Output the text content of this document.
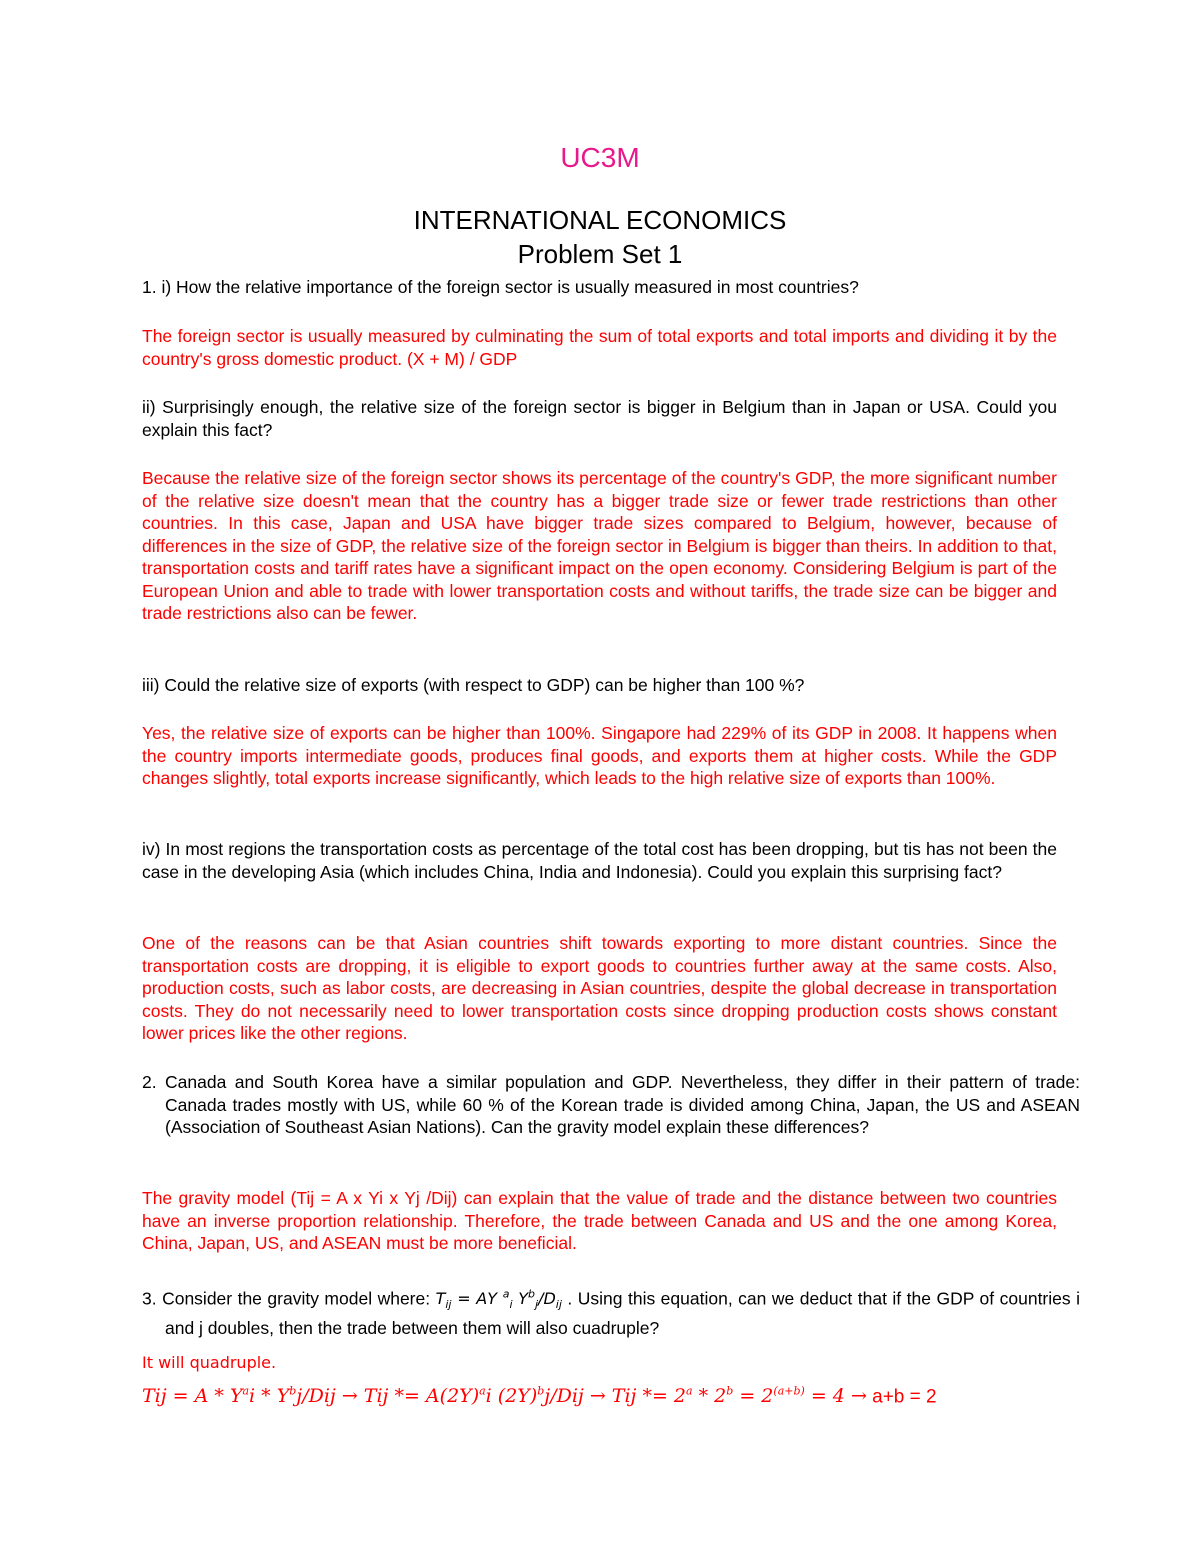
UC3M
INTERNATIONAL ECONOMICS
Problem Set 1
1. i) How the relative importance of the foreign sector is usually measured in most countries?
The foreign sector is usually measured by culminating the sum of total exports and total imports and dividing it by the country's gross domestic product. (X + M) / GDP
ii) Surprisingly enough, the relative size of the foreign sector is bigger in Belgium than in Japan or USA. Could you explain this fact?
Because the relative size of the foreign sector shows its percentage of the country's GDP, the more significant number of the relative size doesn't mean that the country has a bigger trade size or fewer trade restrictions than other countries. In this case, Japan and USA have bigger trade sizes compared to Belgium, however, because of differences in the size of GDP, the relative size of the foreign sector in Belgium is bigger than theirs. In addition to that, transportation costs and tariff rates have a significant impact on the open economy. Considering Belgium is part of the European Union and able to trade with lower transportation costs and without tariffs, the trade size can be bigger and trade restrictions also can be fewer.
iii) Could the relative size of exports (with respect to GDP) can be higher than 100 %?
Yes, the relative size of exports can be higher than 100%. Singapore had 229% of its GDP in 2008. It happens when the country imports intermediate goods, produces final goods, and exports them at higher costs. While the GDP changes slightly, total exports increase significantly, which leads to the high relative size of exports than 100%.
iv) In most regions the transportation costs as percentage of the total cost has been dropping, but tis has not been the case in the developing Asia (which includes China, India and Indonesia). Could you explain this surprising fact?
One of the reasons can be that Asian countries shift towards exporting to more distant countries. Since the transportation costs are dropping, it is eligible to export goods to countries further away at the same costs. Also, production costs, such as labor costs, are decreasing in Asian countries, despite the global decrease in transportation costs. They do not necessarily need to lower transportation costs since dropping production costs shows constant lower prices like the other regions.
2. Canada and South Korea have a similar population and GDP. Nevertheless, they differ in their pattern of trade: Canada trades mostly with US, while 60 % of the Korean trade is divided among China, Japan, the US and ASEAN (Association of Southeast Asian Nations). Can the gravity model explain these differences?
The gravity model (Tij = A x Yi x Yj /Dij) can explain that the value of trade and the distance between two countries have an inverse proportion relationship. Therefore, the trade between Canada and US and the one among Korea, China, Japan, US, and ASEAN must be more beneficial.
3. Consider the gravity model where: $T_{ij}$ = AY $^a_i$ $Y^b_j/D_{ij}$ . Using this equation, can we deduct that if the GDP of countries i and j doubles, then the trade between them will also cuadruple?
It will quadruple.
Tij = A * $Y^ai * Y^bj/Dij$ → Tij *= $A(2Y)^ai$ $(2Y)^bj$/Dij → Tij *= $2^a * 2^b = 2^{(a+b)} = 4 \to a+b = 2$
